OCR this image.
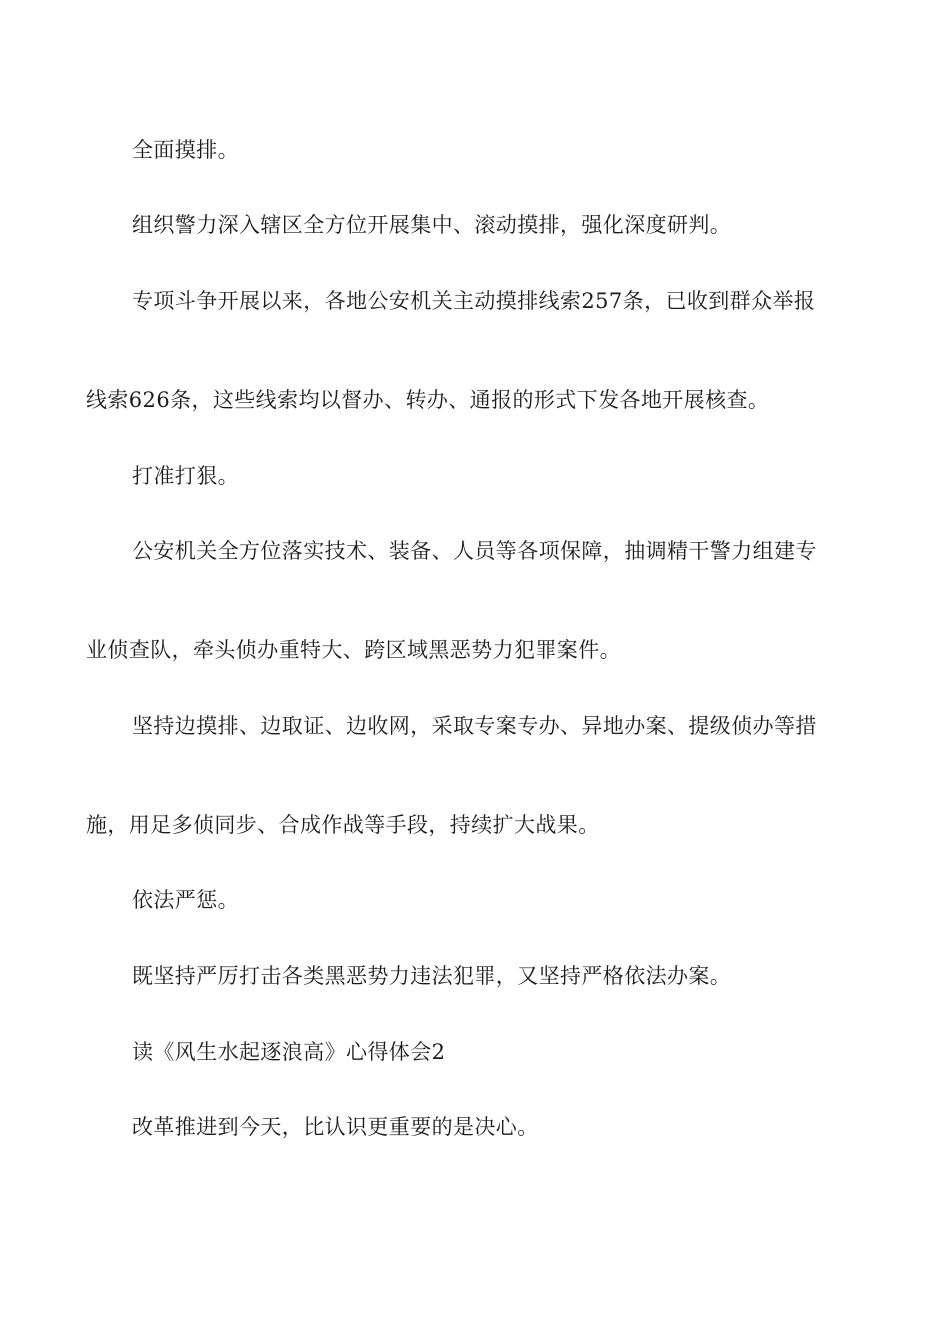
全面摸排。
组织警力深入辖区全方位开展集中、滚动摸排，强化深度研判。
专项斗争开展以来，各地公安机关主动摸排线索257条，已收到群众举报
线索626条，这些线索均以督办、转办、通报的形式下发各地开展核查。
打准打狠。
公安机关全方位落实技术、装备、人员等各项保障，抽调精干警力组建专
业侦查队，牵头侦办重特大、跨区域黑恶势力犯罪案件。
坚持边摸排、边取证、边收网，采取专案专办、异地办案、提级侦办等措
施，用足多侦同步、合成作战等手段，持续扩大战果。
依法严惩。
既坚持严厉打击各类黑恶势力违法犯罪，又坚持严格依法办案。
读《风生水起逐浪高》心得体会2
改革推进到今天，比认识更重要的是决心。
